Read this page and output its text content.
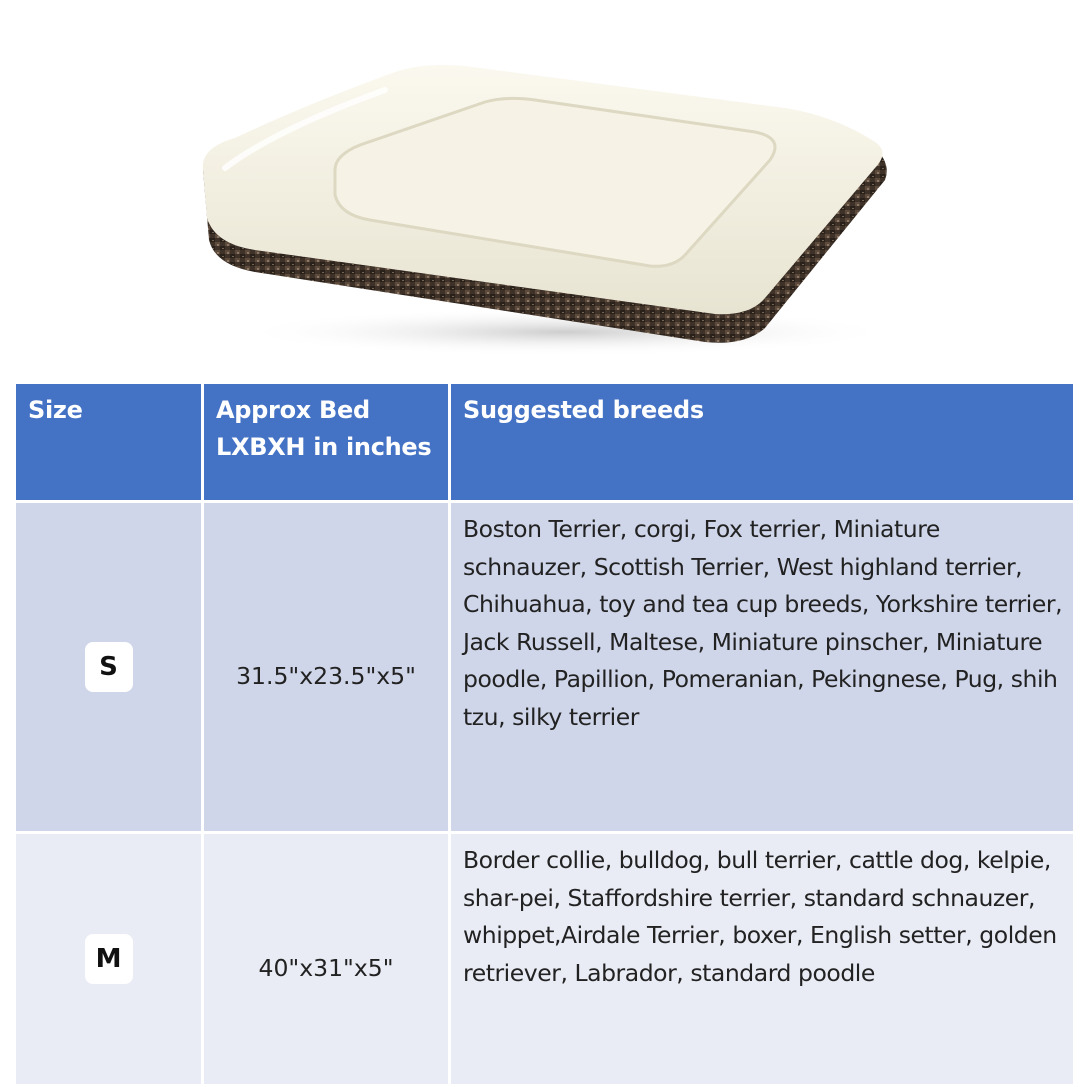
Size	Approx Bed LXBXH in inches	Suggested breeds
S	31.5"x23.5"x5"	Boston Terrier, corgi, Fox terrier, Miniature schnauzer, Scottish Terrier, West highland terrier, Chihuahua, toy and tea cup breeds, Yorkshire terrier, Jack Russell, Maltese, Miniature pinscher, Miniature poodle, Papillion, Pomeranian, Pekingnese, Pug, shih tzu, silky terrier
M	40"x31"x5"	Border collie, bulldog, bull terrier, cattle dog, kelpie, shar-pei, Staffordshire terrier, standard schnauzer, whippet,Airdale Terrier, boxer, English setter, golden retriever, Labrador, standard poodle
